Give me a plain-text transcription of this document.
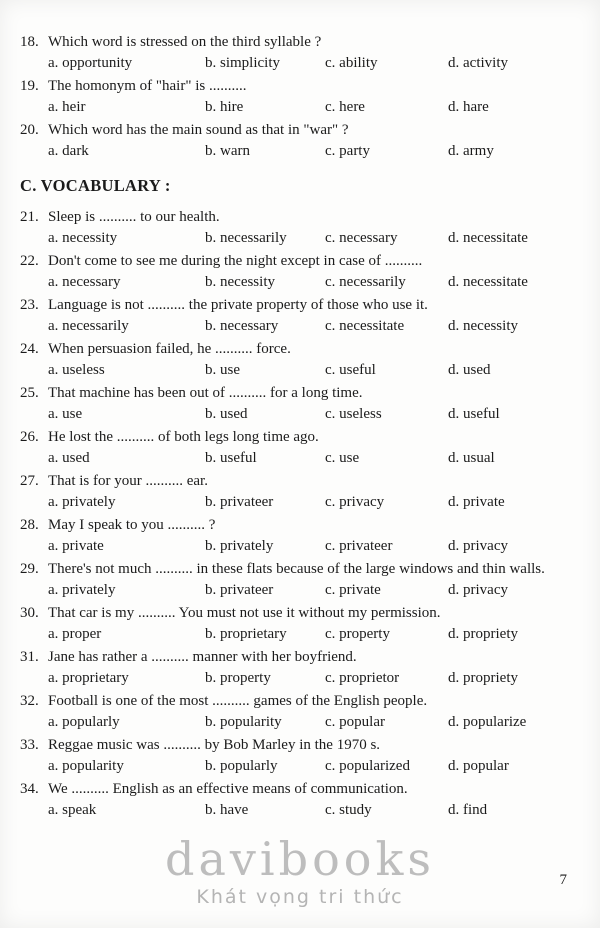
18. Which word is stressed on the third syllable ?
a. opportunity	b. simplicity	c. ability	d. activity
19. The homonym of "hair" is ..........
a. heir	b. hire	c. here	d. hare
20. Which word has the main sound as that in "war" ?
a. dark	b. warn	c. party	d. army
C. VOCABULARY :
21. Sleep is .......... to our health.
a. necessity	b. necessarily	c. necessary	d. necessitate
22. Don't come to see me during the night except in case of ..........
a. necessary	b. necessity	c. necessarily	d. necessitate
23. Language is not .......... the private property of those who use it.
a. necessarily	b. necessary	c. necessitate	d. necessity
24. When persuasion failed, he .......... force.
a. useless	b. use	c. useful	d. used
25. That machine has been out of .......... for a long time.
a. use	b. used	c. useless	d. useful
26. He lost the .......... of both legs long time ago.
a. used	b. useful	c. use	d. usual
27. That is for your .......... ear.
a. privately	b. privateer	c. privacy	d. private
28. May I speak to you .......... ?
a. private	b. privately	c. privateer	d. privacy
29. There's not much .......... in these flats because of the large windows and thin walls.
a. privately	b. privateer	c. private	d. privacy
30. That car is my .......... You must not use it without my permission.
a. proper	b. proprietary	c. property	d. propriety
31. Jane has rather a .......... manner with her boyfriend.
a. proprietary	b. property	c. proprietor	d. propriety
32. Football is one of the most .......... games of the English people.
a. popularly	b. popularity	c. popular	d. popularize
33. Reggae music was .......... by Bob Marley in the 1970 s.
a. popularity	b. popularly	c. popularized	d. popular
34. We .......... English as an effective means of communication.
a. speak	b. have	c. study	d. find
davibooks
Khát vọng tri thức
7
